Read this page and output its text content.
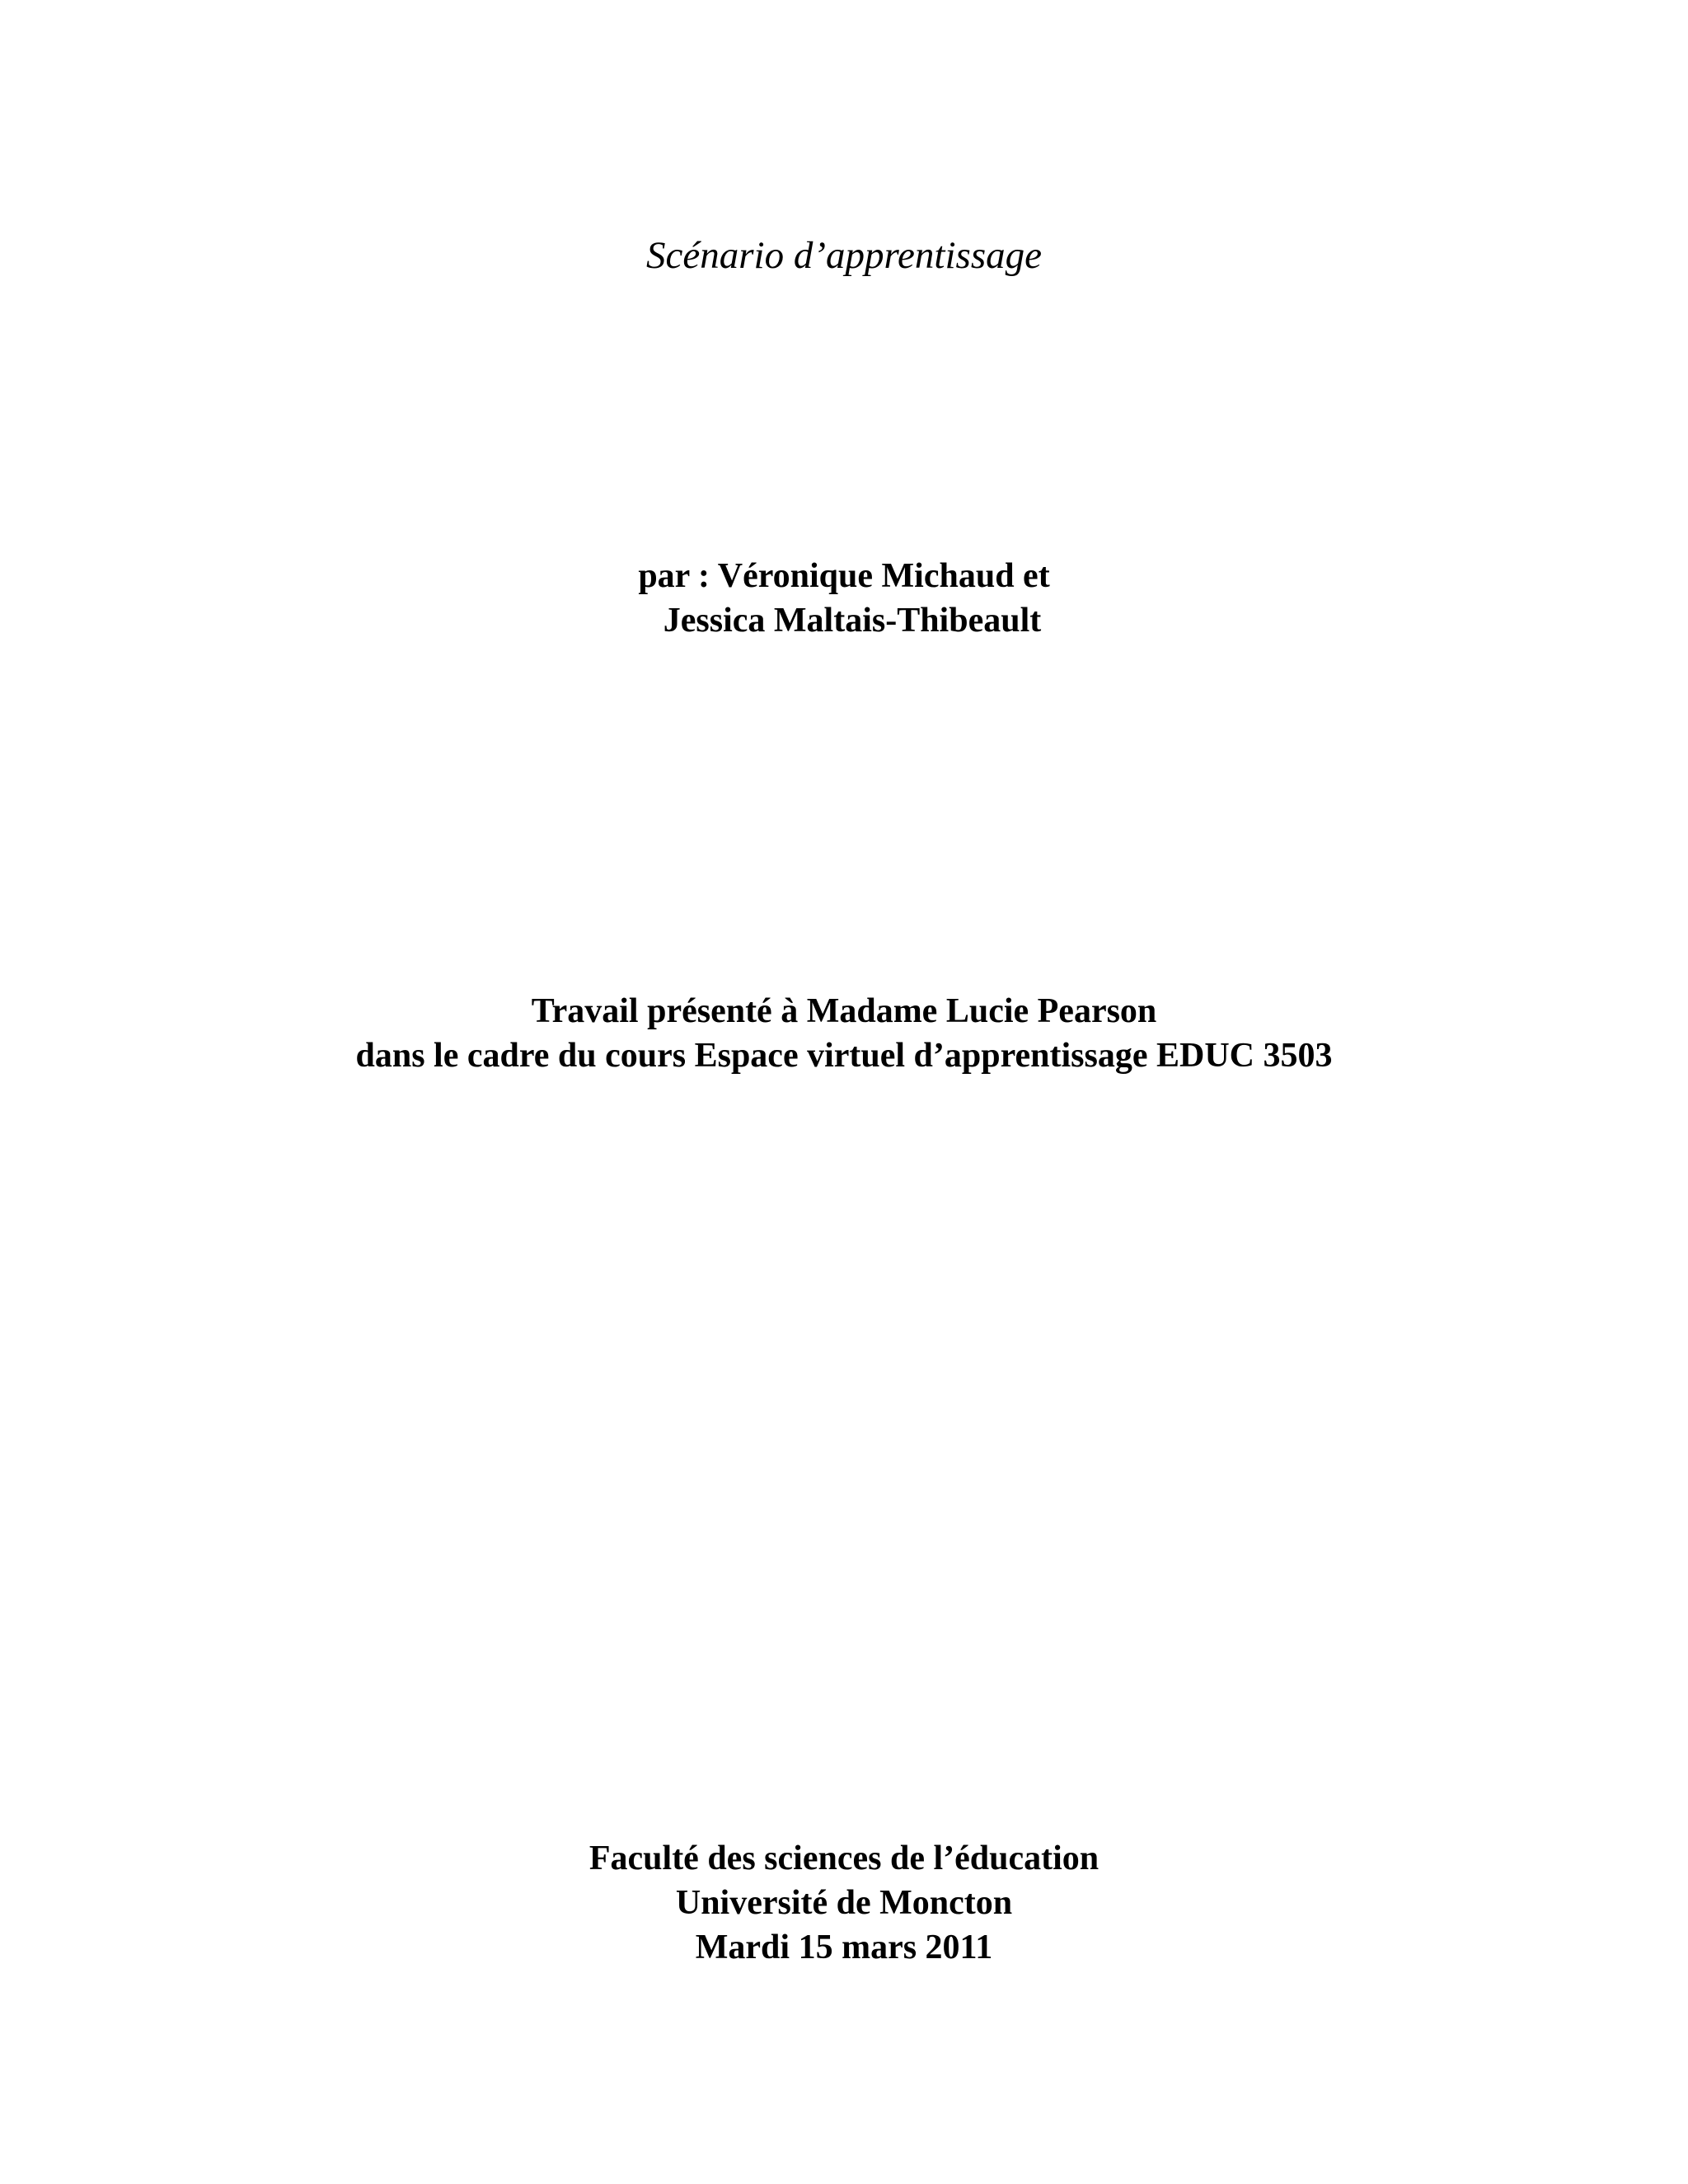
Scénario d’apprentissage
par : Véronique Michaud et
Jessica Maltais-Thibeault
Travail présenté à Madame Lucie Pearson
dans le cadre du cours Espace virtuel d’apprentissage EDUC 3503
Faculté des sciences de l’éducation
Université de Moncton
Mardi 15 mars 2011
